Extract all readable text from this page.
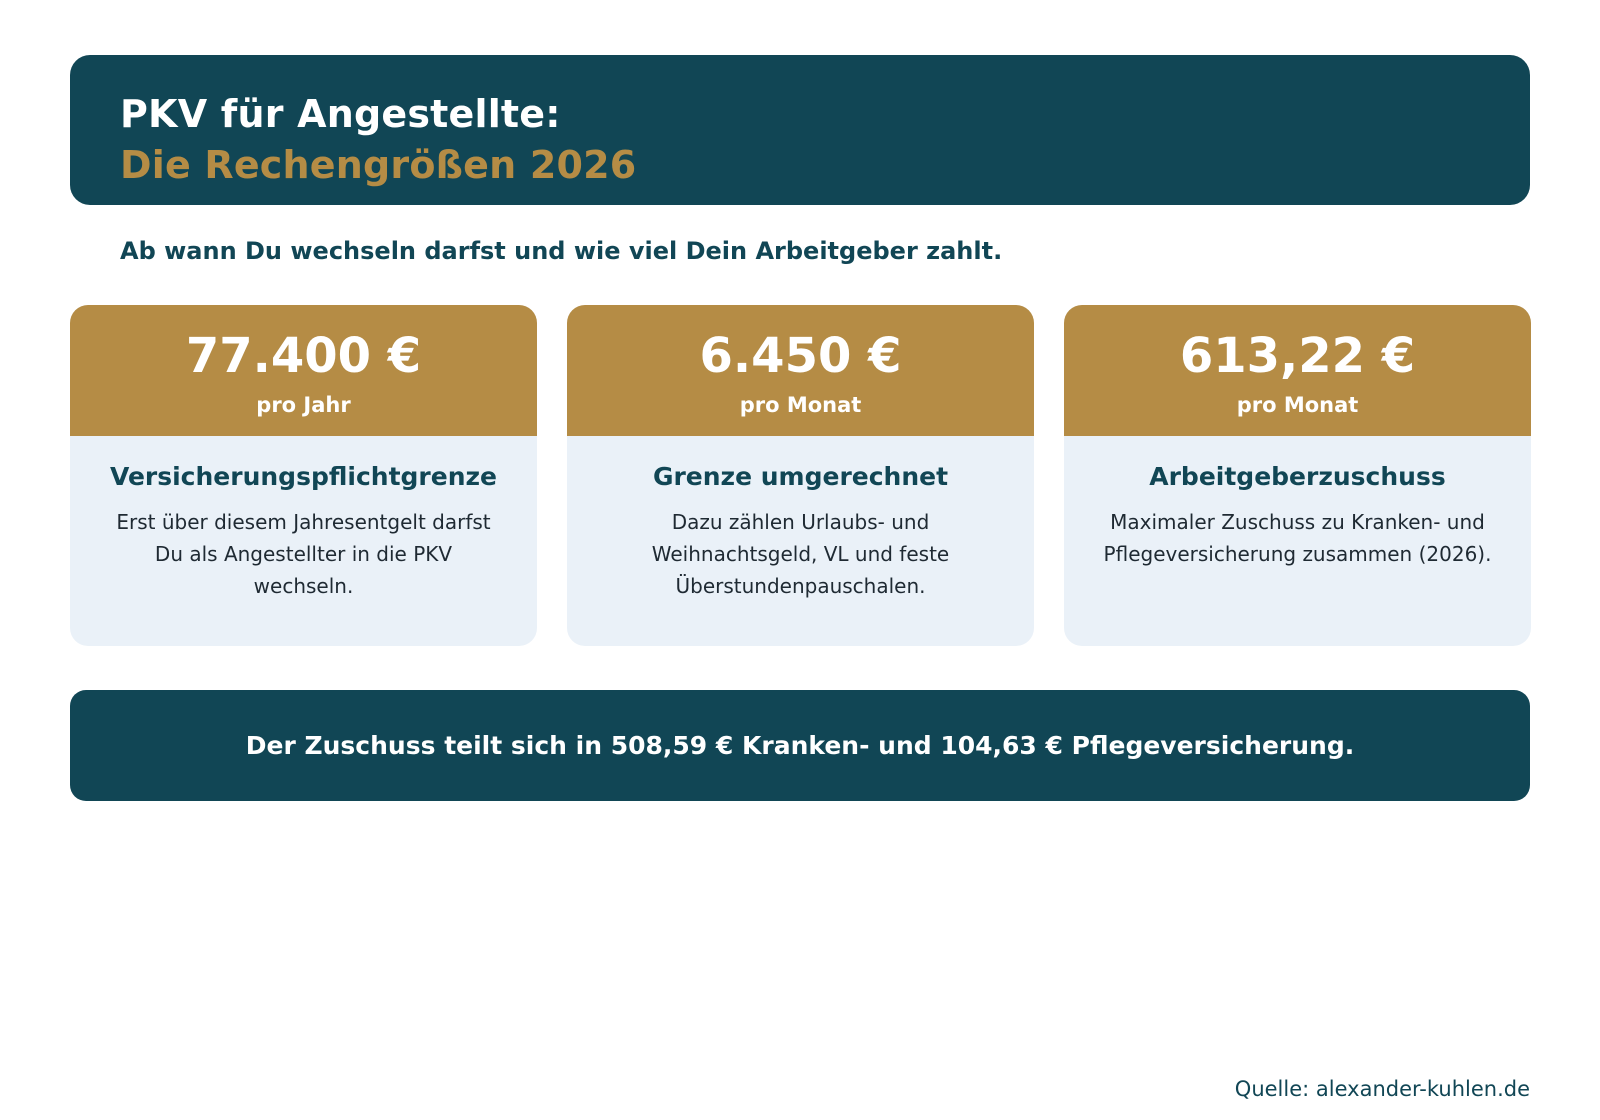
PKV für Angestellte:
Die Rechengrößen 2026
Ab wann Du wechseln darfst und wie viel Dein Arbeitgeber zahlt.
77.400 €
pro Jahr
Versicherungspflichtgrenze
Erst über diesem Jahresentgelt darfst Du als Angestellter in die PKV wechseln.
6.450 €
pro Monat
Grenze umgerechnet
Dazu zählen Urlaubs- und Weihnachtsgeld, VL und feste Überstundenpauschalen.
613,22 €
pro Monat
Arbeitgeberzuschuss
Maximaler Zuschuss zu Kranken- und Pflegeversicherung zusammen (2026).
Der Zuschuss teilt sich in 508,59 € Kranken- und 104,63 € Pflegeversicherung.
Quelle: alexander-kuhlen.de
